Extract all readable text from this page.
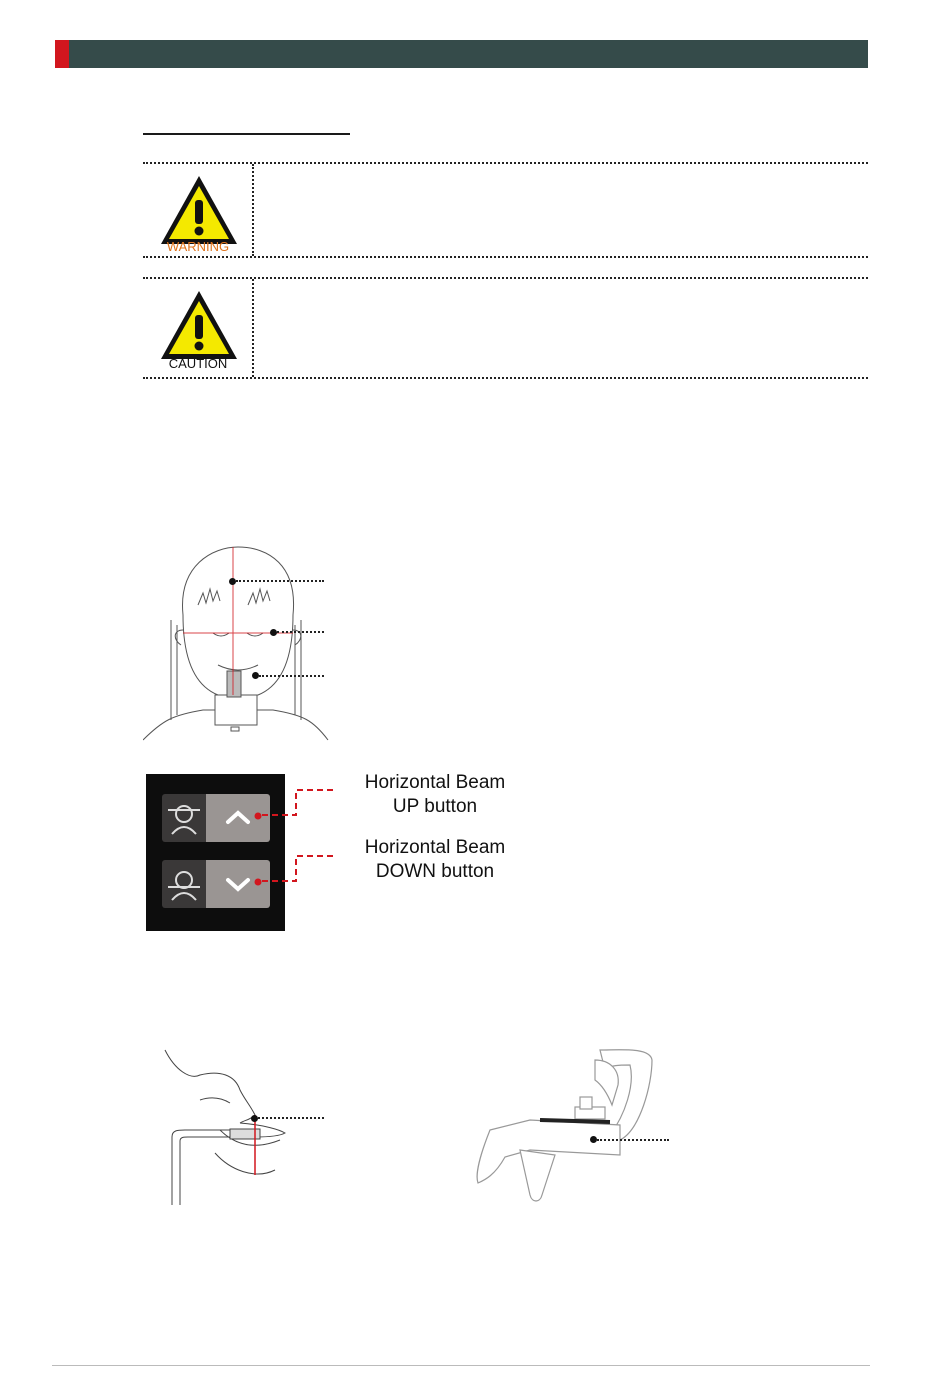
WARNING
CAUTION
Horizontal Beam
UP button
Horizontal Beam
DOWN button
